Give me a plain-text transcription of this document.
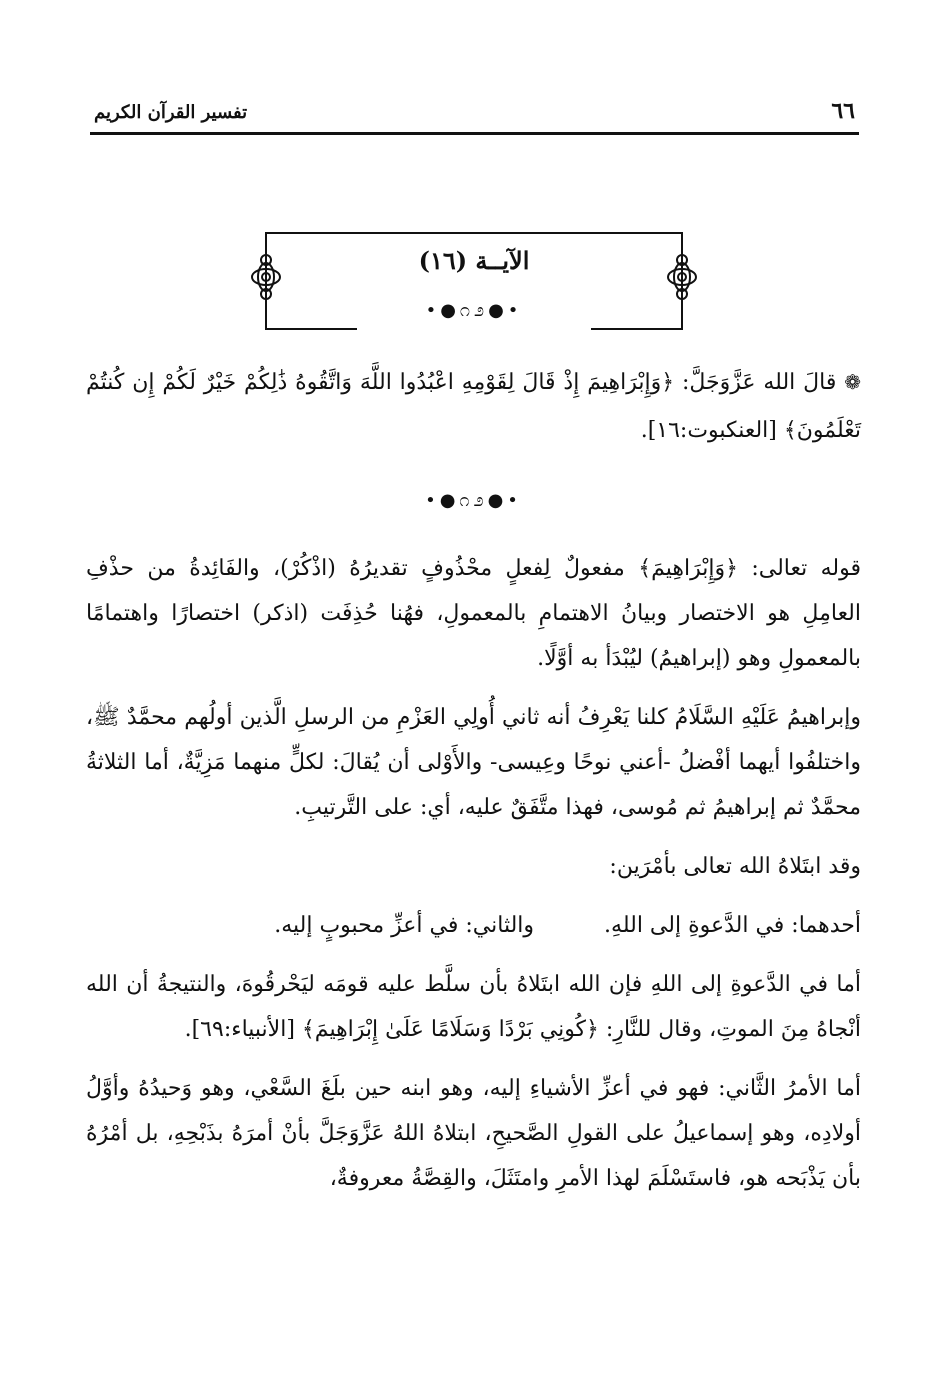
٦٦
تفسير القرآن الكريم
الآيــة (١٦)
•●೧೨●•
❁ قالَ الله عَزَّوَجَلَّ: ﴿وَإِبْرَاهِيمَ إِذْ قَالَ لِقَوْمِهِ اعْبُدُوا اللَّهَ وَاتَّقُوهُ ذَٰلِكُمْ خَيْرٌ لَكُمْ إِن كُنتُمْ تَعْلَمُونَ﴾ [العنكبوت:١٦].
•●೧೨●•

قوله تعالى: ﴿وَإِبْرَاهِيمَ﴾ مفعولٌ لِفعلٍ محْذُوفٍ تقديرُهُ (اذْكُرْ)، والفَائِدةُ من حذْفِ العامِلِ هو الاختصار وبيانُ الاهتمامِ بالمعمولِ، فهُنا حُذِفَت (اذكر) اختصارًا واهتمامًا بالمعمولِ وهو (إبراهيمُ) ليُبْدَأ به أوَّلًا.

وإبراهيمُ عَلَيْهِ السَّلَامُ كلنا يَعْرِفُ أنه ثاني أُولِي العَزْمِ من الرسلِ الَّذين أولُهم محمَّدٌ ﷺ، واختلفُوا أيهما أفْضلُ -أعني نوحًا وعِيسى- والأَوْلى أن يُقالَ: لكلٍّ منهما مَزِيَّةٌ، أما الثلاثةُ محمَّدٌ ثم إبراهيمُ ثم مُوسى، فهذا متَّفَقٌ عليه، أي: على التَّرتيبِ.

وقد ابتَلاهُ الله تعالى بأمْرَين:

أحدهما: في الدَّعوةِ إلى اللهِ.
والثاني: في أعزِّ محبوبٍ إليه.

أما في الدَّعوةِ إلى اللهِ فإن الله ابتَلاهُ بأن سلَّط عليه قومَه ليَحْرقُوهَ، والنتيجةُ أن الله أنْجاهُ مِنَ الموتِ، وقال للنَّارِ: ﴿كُونِي بَرْدًا وَسَلَامًا عَلَىٰ إِبْرَاهِيمَ﴾ [الأنبياء:٦٩].

أما الأمرُ الثَّاني: فهو في أعزِّ الأشياءِ إليه، وهو ابنه حين بلَغَ السَّعْي، وهو وَحيدُهُ وأوَّلُ أولادِه، وهو إسماعيلُ على القولِ الصَّحيحِ، ابتلاهُ اللهُ عَزَّوَجَلَّ بأنْ أمرَهُ بذَبْحِهِ، بل أمْرُهُ بأن يَذْبَحه هو، فاستَسْلَمَ لهذا الأمرِ وامتَثَلَ، والقِصَّةُ معروفةٌ،
